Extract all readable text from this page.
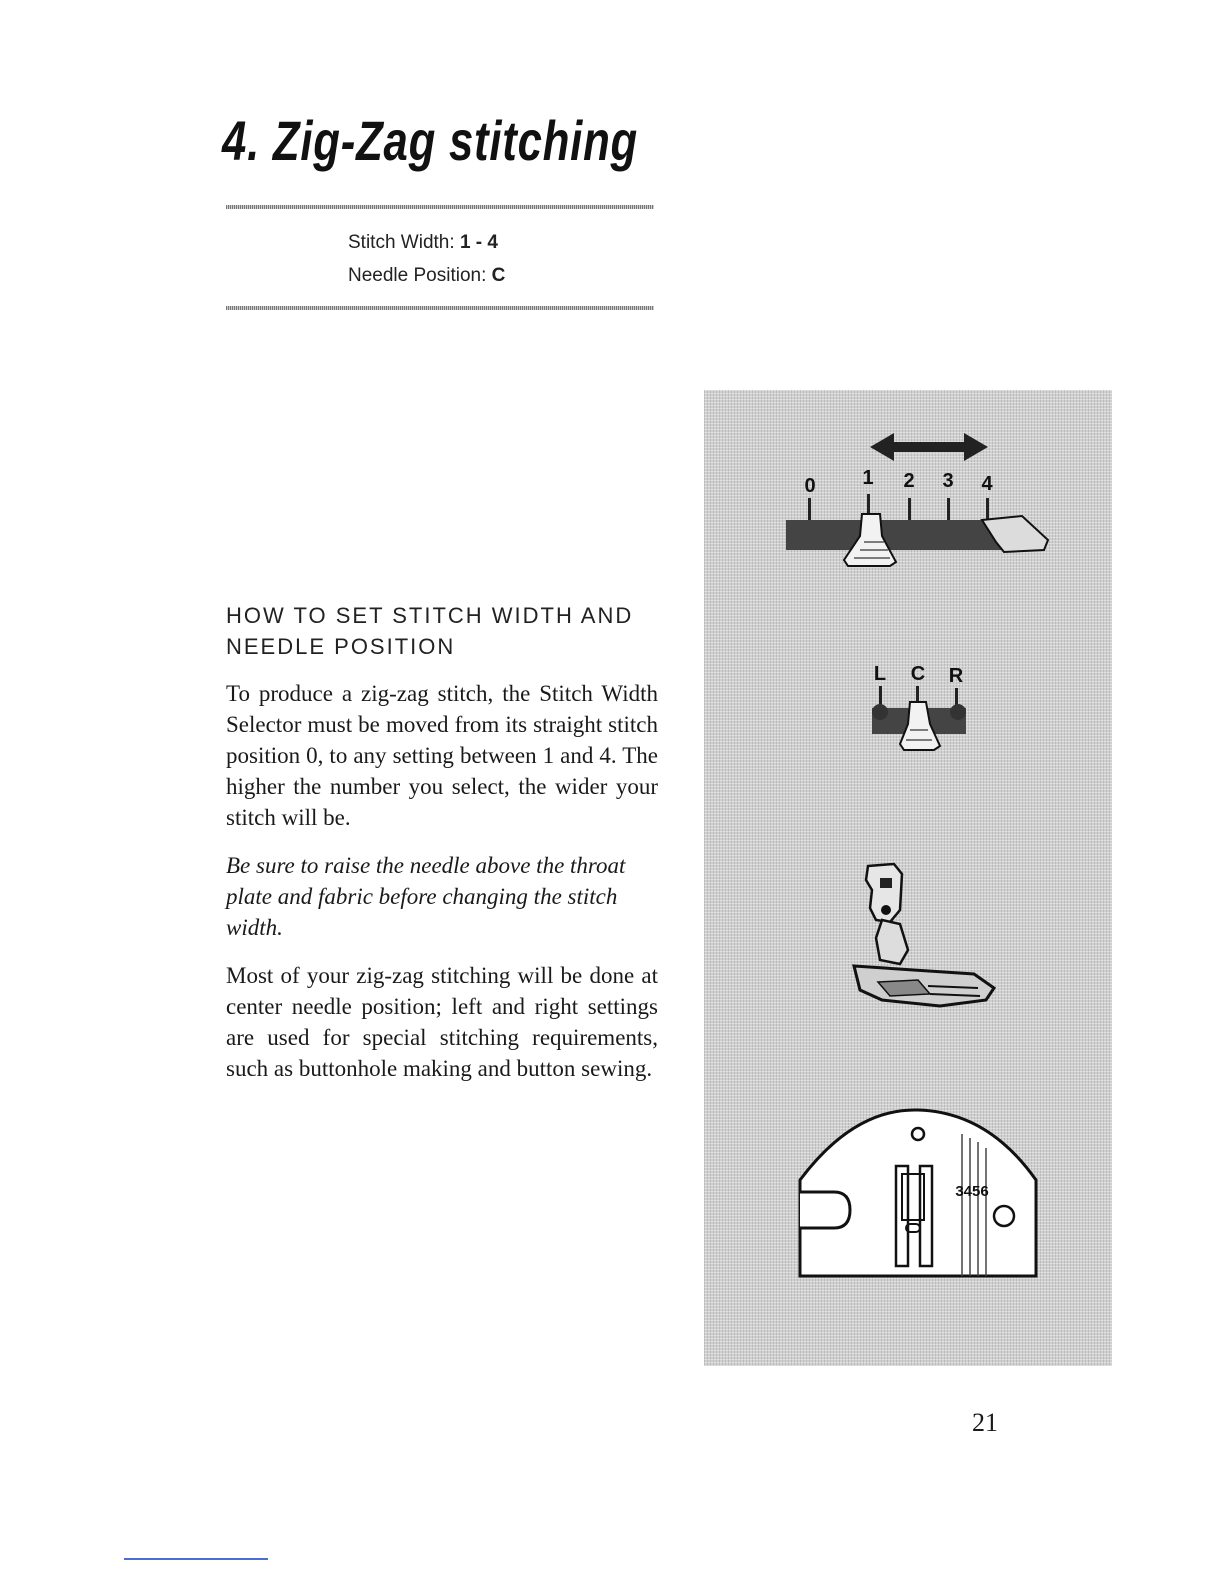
4. Zig-Zag stitching
Stitch Width: 1 - 4
Needle Position: C
HOW TO SET STITCH WIDTH AND NEEDLE POSITION

To produce a zig-zag stitch, the Stitch Width Selector must be moved from its straight stitch position 0, to any setting between 1 and 4. The higher the number you select, the wider your stitch will be.

Be sure to raise the needle above the throat plate and fabric before changing the stitch width.

Most of your zig-zag stitching will be done at center needle position; left and right settings are used for special stitching requirements, such as buttonhole making and button sewing.

0 1 2 3 4
L C R
3456
21
